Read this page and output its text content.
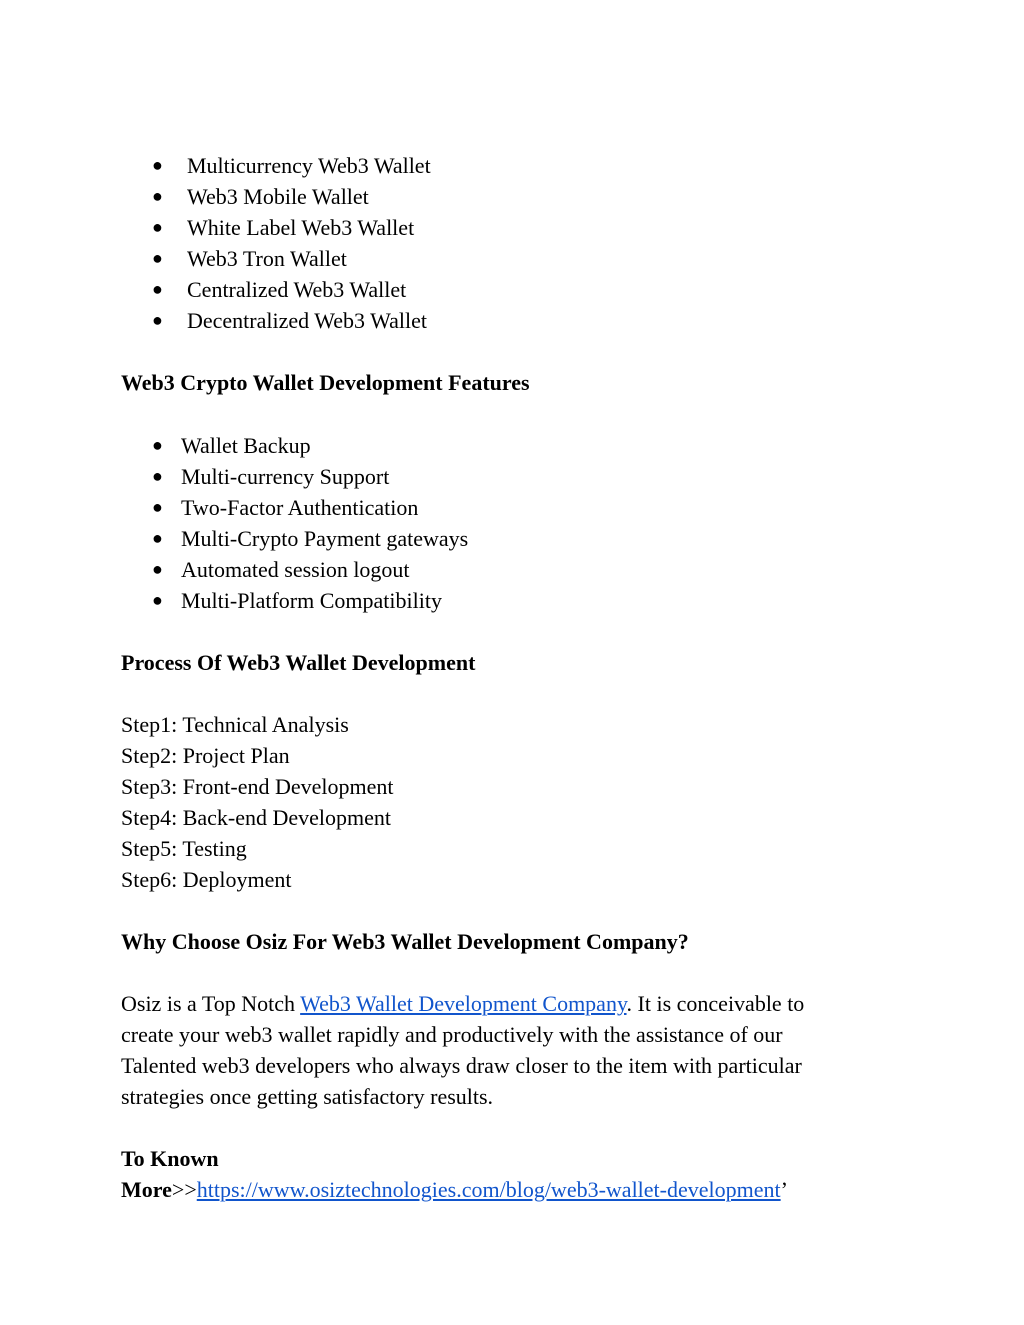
● Multicurrency Web3 Wallet
● Web3 Mobile Wallet
● White Label Web3 Wallet
● Web3 Tron Wallet
● Centralized Web3 Wallet
● Decentralized Web3 Wallet
Web3 Crypto Wallet Development Features
● Wallet Backup
● Multi-currency Support
● Two-Factor Authentication
● Multi-Crypto Payment gateways
● Automated session logout
● Multi-Platform Compatibility
Process Of Web3 Wallet Development
Step1: Technical Analysis
Step2: Project Plan
Step3: Front-end Development
Step4: Back-end Development
Step5: Testing
Step6: Deployment
Why Choose Osiz For Web3 Wallet Development Company?
Osiz is a Top Notch Web3 Wallet Development Company. It is conceivable to
create your web3 wallet rapidly and productively with the assistance of our
Talented web3 developers who always draw closer to the item with particular
strategies once getting satisfactory results.
To Known
More>>https://www.osiztechnologies.com/blog/web3-wallet-development’
